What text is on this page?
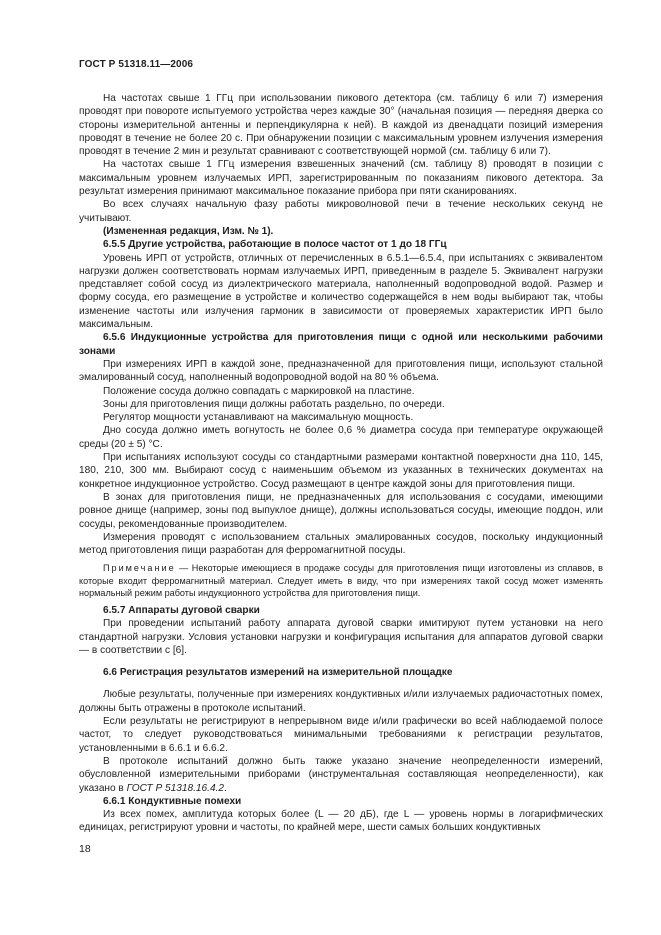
ГОСТ Р 51318.11—2006

На частотах свыше 1 ГГц при использовании пикового детектора (см. таблицу 6 или 7) измерения проводят при повороте испытуемого устройства через каждые 30° (начальная позиция — передняя дверка со стороны измерительной антенны и перпендикулярна к ней). В каждой из двенадцати позиций измерения проводят в течение не более 20 с. При обнаружении позиции с максимальным уровнем излучения измерения проводят в течение 2 мин и результат сравнивают с соответствующей нормой (см. таблицу 6 или 7).

На частотах свыше 1 ГГц измерения взвешенных значений (см. таблицу 8) проводят в позиции с максимальным уровнем излучаемых ИРП, зарегистрированным по показаниям пикового детектора. За результат измерения принимают максимальное показание прибора при пяти сканированиях.

Во всех случаях начальную фазу работы микроволновой печи в течение нескольких секунд не учитывают.

(Измененная редакция, Изм. № 1).

6.5.5 Другие устройства, работающие в полосе частот от 1 до 18 ГГц

Уровень ИРП от устройств, отличных от перечисленных в 6.5.1—6.5.4, при испытаниях с эквивалентом нагрузки должен соответствовать нормам излучаемых ИРП, приведенным в разделе 5. Эквивалент нагрузки представляет собой сосуд из диэлектрического материала, наполненный водопроводной водой. Размер и форму сосуда, его размещение в устройстве и количество содержащейся в нем воды выбирают так, чтобы изменение частоты или излучения гармоник в зависимости от проверяемых характеристик ИРП было максимальным.

6.5.6 Индукционные устройства для приготовления пищи с одной или несколькими рабочими зонами

При измерениях ИРП в каждой зоне, предназначенной для приготовления пищи, используют стальной эмалированный сосуд, наполненный водопроводной водой на 80 % объема.

Положение сосуда должно совпадать с маркировкой на пластине.

Зоны для приготовления пищи должны работать раздельно, по очереди.

Регулятор мощности устанавливают на максимальную мощность.

Дно сосуда должно иметь вогнутость не более 0,6 % диаметра сосуда при температуре окружающей среды (20 ± 5) °С.

При испытаниях используют сосуды со стандартными размерами контактной поверхности дна 110, 145, 180, 210, 300 мм. Выбирают сосуд с наименьшим объемом из указанных в технических документах на конкретное индукционное устройство. Сосуд размещают в центре каждой зоны для приготовления пищи.

В зонах для приготовления пищи, не предназначенных для использования с сосудами, имеющими ровное днище (например, зоны под выпуклое днище), должны использоваться сосуды, имеющие поддон, или сосуды, рекомендованные производителем.

Измерения проводят с использованием стальных эмалированных сосудов, поскольку индукционный метод приготовления пищи разработан для ферромагнитной посуды.

Примечание — Некоторые имеющиеся в продаже сосуды для приготовления пищи изготовлены из сплавов, в которые входит ферромагнитный материал. Следует иметь в виду, что при измерениях такой сосуд может изменять нормальный режим работы индукционного устройства для приготовления пищи.

6.5.7 Аппараты дуговой сварки

При проведении испытаний работу аппарата дуговой сварки имитируют путем установки на него стандартной нагрузки. Условия установки нагрузки и конфигурация испытания для аппаратов дуговой сварки — в соответствии с [6].

6.6 Регистрация результатов измерений на измерительной площадке

Любые результаты, полученные при измерениях кондуктивных и/или излучаемых радиочастотных помех, должны быть отражены в протоколе испытаний.

Если результаты не регистрируют в непрерывном виде и/или графически во всей наблюдаемой полосе частот, то следует руководствоваться минимальными требованиями к регистрации результатов, установленными в 6.6.1 и 6.6.2.

В протоколе испытаний должно быть также указано значение неопределенности измерений, обусловленной измерительными приборами (инструментальная составляющая неопределенности), как указано в ГОСТ Р 51318.16.4.2.

6.6.1 Кондуктивные помехи

Из всех помех, амплитуда которых более (L — 20 дБ), где L — уровень нормы в логарифмических единицах, регистрируют уровни и частоты, по крайней мере, шести самых больших кондуктивных

18
